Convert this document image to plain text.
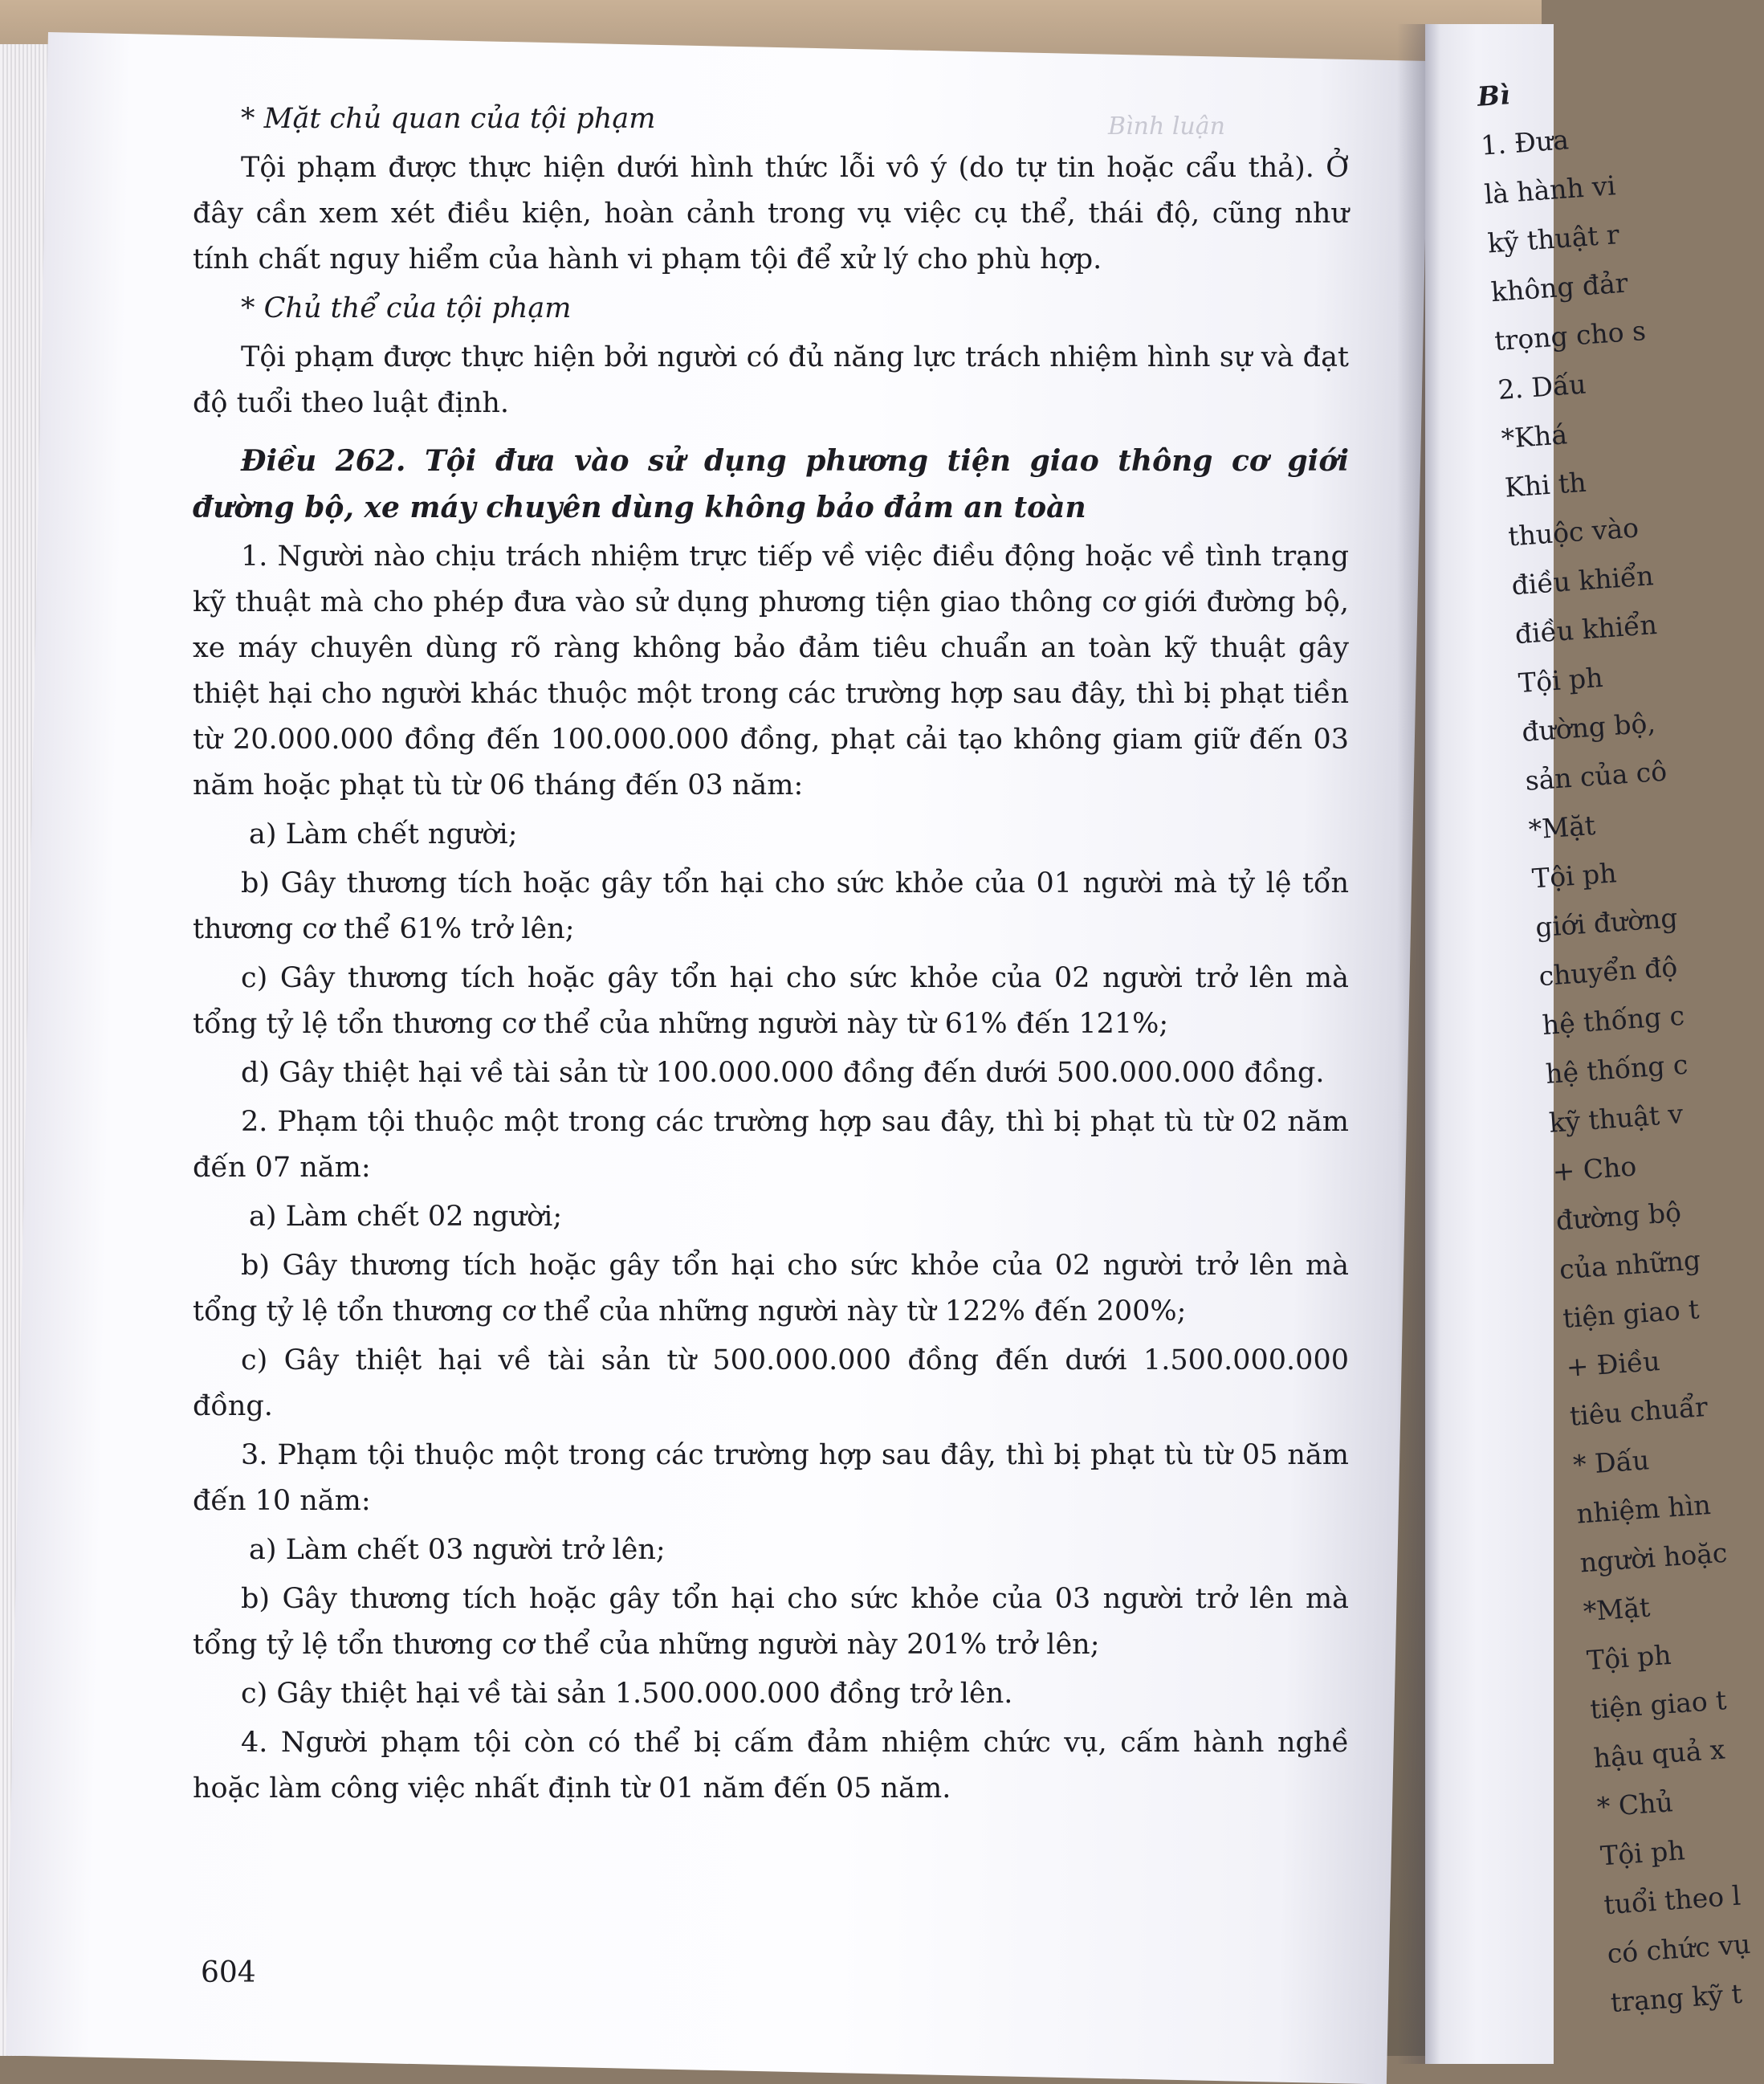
Bình luận
* Mặt chủ quan của tội phạm
Tội phạm được thực hiện dưới hình thức lỗi vô ý (do tự tin hoặc cẩu thả). Ở đây cần xem xét điều kiện, hoàn cảnh trong vụ việc cụ thể, thái độ, cũng như tính chất nguy hiểm của hành vi phạm tội để xử lý cho phù hợp.
* Chủ thể của tội phạm
Tội phạm được thực hiện bởi người có đủ năng lực trách nhiệm hình sự và đạt độ tuổi theo luật định.
Điều 262. Tội đưa vào sử dụng phương tiện giao thông cơ giới đường bộ, xe máy chuyên dùng không bảo đảm an toàn
1. Người nào chịu trách nhiệm trực tiếp về việc điều động hoặc về tình trạng kỹ thuật mà cho phép đưa vào sử dụng phương tiện giao thông cơ giới đường bộ, xe máy chuyên dùng rõ ràng không bảo đảm tiêu chuẩn an toàn kỹ thuật gây thiệt hại cho người khác thuộc một trong các trường hợp sau đây, thì bị phạt tiền từ 20.000.000 đồng đến 100.000.000 đồng, phạt cải tạo không giam giữ đến 03 năm hoặc phạt tù từ 06 tháng đến 03 năm:
a) Làm chết người;
b) Gây thương tích hoặc gây tổn hại cho sức khỏe của 01 người mà tỷ lệ tổn thương cơ thể 61% trở lên;
c) Gây thương tích hoặc gây tổn hại cho sức khỏe của 02 người trở lên mà tổng tỷ lệ tổn thương cơ thể của những người này từ 61% đến 121%;
d) Gây thiệt hại về tài sản từ 100.000.000 đồng đến dưới 500.000.000 đồng.
2. Phạm tội thuộc một trong các trường hợp sau đây, thì bị phạt tù từ 02 năm đến 07 năm:
a) Làm chết 02 người;
b) Gây thương tích hoặc gây tổn hại cho sức khỏe của 02 người trở lên mà tổng tỷ lệ tổn thương cơ thể của những người này từ 122% đến 200%;
c) Gây thiệt hại về tài sản từ 500.000.000 đồng đến dưới 1.500.000.000 đồng.
3. Phạm tội thuộc một trong các trường hợp sau đây, thì bị phạt tù từ 05 năm đến 10 năm:
a) Làm chết 03 người trở lên;
b) Gây thương tích hoặc gây tổn hại cho sức khỏe của 03 người trở lên mà tổng tỷ lệ tổn thương cơ thể của những người này 201% trở lên;
c) Gây thiệt hại về tài sản 1.500.000.000 đồng trở lên.
4. Người phạm tội còn có thể bị cấm đảm nhiệm chức vụ, cấm hành nghề hoặc làm công việc nhất định từ 01 năm đến 05 năm.
604
Bì
1. Đưa
là hành vi
kỹ thuật r
không đảr
trọng cho s
2. Dấu
*Khá
Khi th
thuộc vào
điều khiển
điều khiển
Tội ph
đường bộ,
sản của cô
*Mặt
Tội ph
giới đường
chuyển độ
hệ thống c
hệ thống c
kỹ thuật v
+ Cho
đường bộ
của những
tiện giao t
+ Điều
tiêu chuẩr
* Dấu
nhiệm hìn
người hoặc
*Mặt
Tội ph
tiện giao t
hậu quả x
* Chủ
Tội ph
tuổi theo l
có chức vụ
trạng kỹ t
